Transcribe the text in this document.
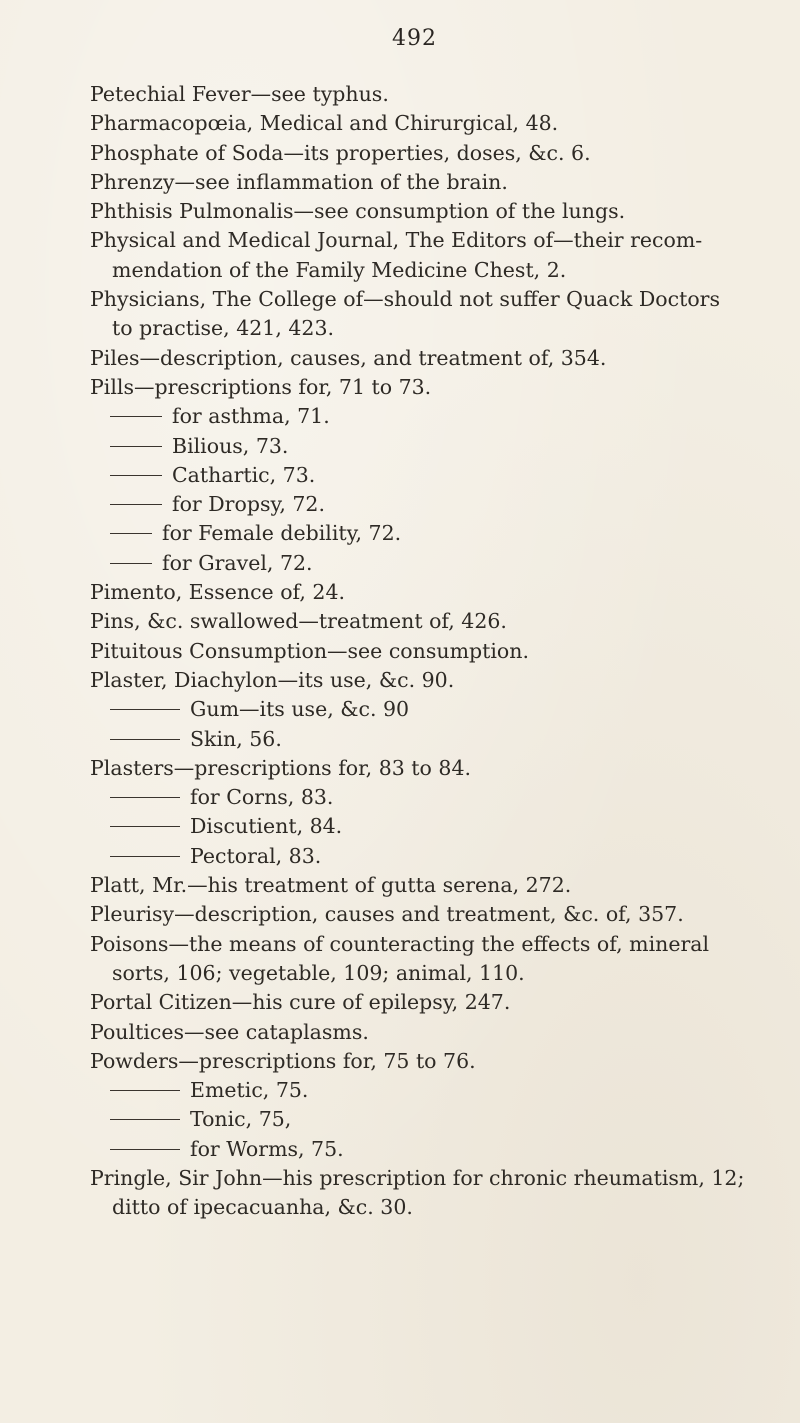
492
Petechial Fever—see typhus.
Pharmacopœia, Medical and Chirurgical, 48.
Phosphate of Soda—its properties, doses, &c. 6.
Phrenzy—see inflammation of the brain.
Phthisis Pulmonalis—see consumption of the lungs.
Physical and Medical Journal, The Editors of—their recom-
mendation of the Family Medicine Chest, 2.
Physicians, The College of—should not suffer Quack Doctors
to practise, 421, 423.
Piles—description, causes, and treatment of, 354.
Pills—prescriptions for, 71 to 73.
for asthma, 71.
Bilious, 73.
Cathartic, 73.
for Dropsy, 72.
for Female debility, 72.
for Gravel, 72.
Pimento, Essence of, 24.
Pins, &c. swallowed—treatment of, 426.
Pituitous Consumption—see consumption.
Plaster, Diachylon—its use, &c. 90.
Gum—its use, &c. 90
Skin, 56.
Plasters—prescriptions for, 83 to 84.
for Corns, 83.
Discutient, 84.
Pectoral, 83.
Platt, Mr.—his treatment of gutta serena, 272.
Pleurisy—description, causes and treatment, &c. of, 357.
Poisons—the means of counteracting the effects of, mineral
sorts, 106; vegetable, 109; animal, 110.
Portal Citizen—his cure of epilepsy, 247.
Poultices—see cataplasms.
Powders—prescriptions for, 75 to 76.
Emetic, 75.
Tonic, 75,
for Worms, 75.
Pringle, Sir John—his prescription for chronic rheumatism, 12;
ditto of ipecacuanha, &c. 30.
